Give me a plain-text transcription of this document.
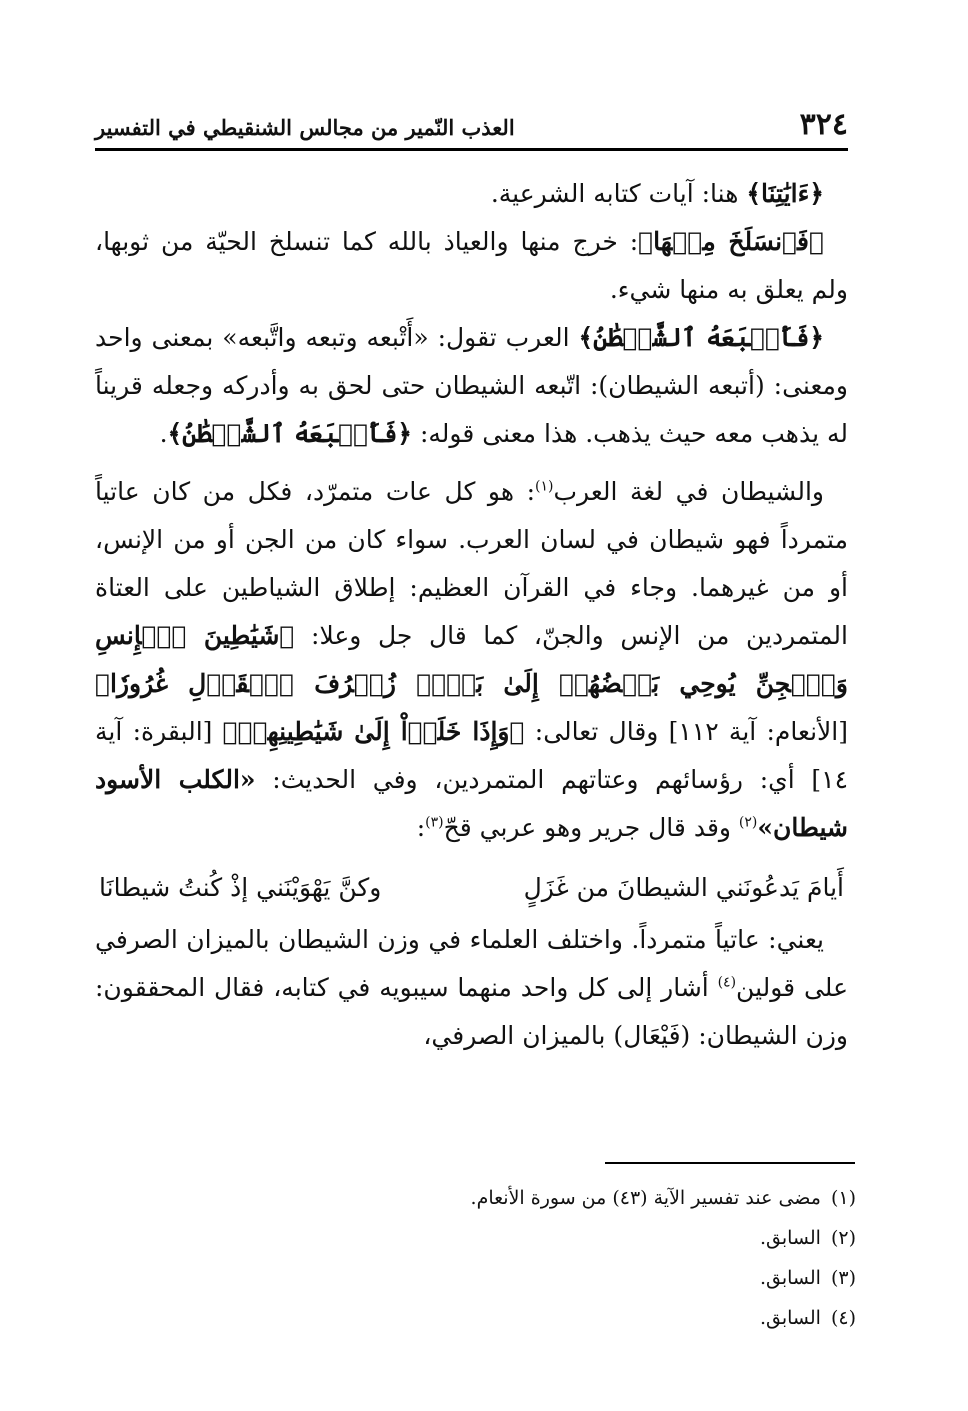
٣٢٤
العذب النّمير من مجالس الشنقيطي في التفسير

﴿ءَايَٰتِنَا﴾ هنا: آيات كتابه الشرعية.

﴿فَٱنسَلَخَ مِنۡهَا﴾: خرج منها والعياذ بالله كما تنسلخ الحيّة من ثوبها، ولم يعلق به منها شيء.

﴿فَأَتۡبَعَهُ ٱلشَّيۡطَٰنُ﴾ العرب تقول: «أَتْبعه وتبعه واتَّبعه» بمعنى واحد ومعنى: (أتبعه الشيطان): اتّبعه الشيطان حتى لحق به وأدركه وجعله قريناً له يذهب معه حيث يذهب. هذا معنى قوله: ﴿فَأَتۡبَعَهُ ٱلشَّيۡطَٰنُ﴾.

والشيطان في لغة العرب$^{(١)}$: هو كل عات متمرّد، فكل من كان عاتياً متمرداً فهو شيطان في لسان العرب. سواء كان من الجن أو من الإنس، أو من غيرهما. وجاء في القرآن العظيم: إطلاق الشياطين على العتاة المتمردين من الإنس والجنّ، كما قال جل وعلا: ﴿شَيَٰطِينَ ٱلۡإِنسِ وَٱلۡجِنِّ يُوحِي بَعۡضُهُمۡ إِلَىٰ بَعۡضٖ زُخۡرُفَ ٱلۡقَوۡلِ غُرُورٗا﴾ [الأنعام: آية ١١٢] وقال تعالى: ﴿وَإِذَا خَلَوۡاْ إِلَىٰ شَيَٰطِينِهِمۡ﴾ [البقرة: آية ١٤] أي: رؤسائهم وعتاتهم المتمردين، وفي الحديث: «الكلب الأسود شيطان»$^{(٢)}$ وقد قال جرير وهو عربي قحّ$^{(٣)}$:

أَيامَ يَدعُونَني الشيطانَ من غَزَلٍ
وكنَّ يَهْوَيْنَني إذْ كُنتُ شيطانَا

يعني: عاتياً متمرداً. واختلف العلماء في وزن الشيطان بالميزان الصرفي على قولين$^{(٤)}$ أشار إلى كل واحد منهما سيبويه في كتابه، فقال المحققون: وزن الشيطان: (فَيْعَال) بالميزان الصرفي،

(١)مضى عند تفسير الآية (٤٣) من سورة الأنعام.

(٢)السابق.

(٣)السابق.

(٤)السابق.
